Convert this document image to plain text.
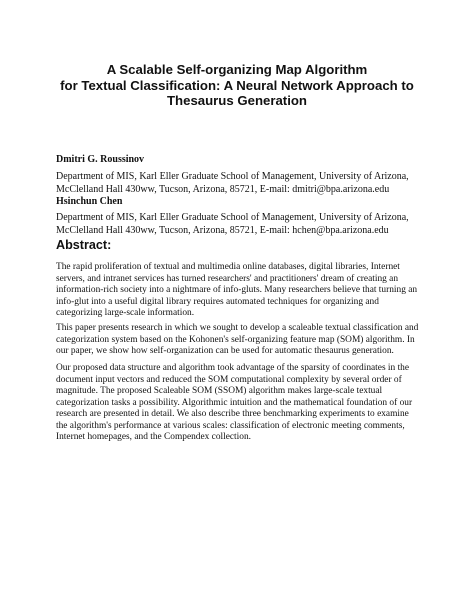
A Scalable Self-organizing Map Algorithm
for Textual Classification: A Neural Network Approach to
Thesaurus Generation

Dmitri G. Roussinov

Department of MIS, Karl Eller Graduate School of Management, University of Arizona,
McClelland Hall 430ww, Tucson, Arizona, 85721, E-mail: dmitri@bpa.arizona.edu

Hsinchun Chen

Department of MIS, Karl Eller Graduate School of Management, University of Arizona,
McClelland Hall 430ww, Tucson, Arizona, 85721, E-mail: hchen@bpa.arizona.edu

Abstract:

The rapid proliferation of textual and multimedia online databases, digital libraries, Internet
servers, and intranet services has turned researchers' and practitioners' dream of creating an
information-rich society into a nightmare of info-gluts. Many researchers believe that turning an
info-glut into a useful digital library requires automated techniques for organizing and
categorizing large-scale information.

This paper presents research in which we sought to develop a scaleable textual classification and
categorization system based on the Kohonen's self-organizing feature map (SOM) algorithm. In
our paper, we show how self-organization can be used for automatic thesaurus generation.

Our proposed data structure and algorithm took advantage of the sparsity of coordinates in the
document input vectors and reduced the SOM computational complexity by several order of
magnitude. The proposed Scaleable SOM (SSOM) algorithm makes large-scale textual
categorization tasks a possibility. Algorithmic intuition and the mathematical foundation of our
research are presented in detail. We also describe three benchmarking experiments to examine
the algorithm's performance at various scales: classification of electronic meeting comments,
Internet homepages, and the Compendex collection.
